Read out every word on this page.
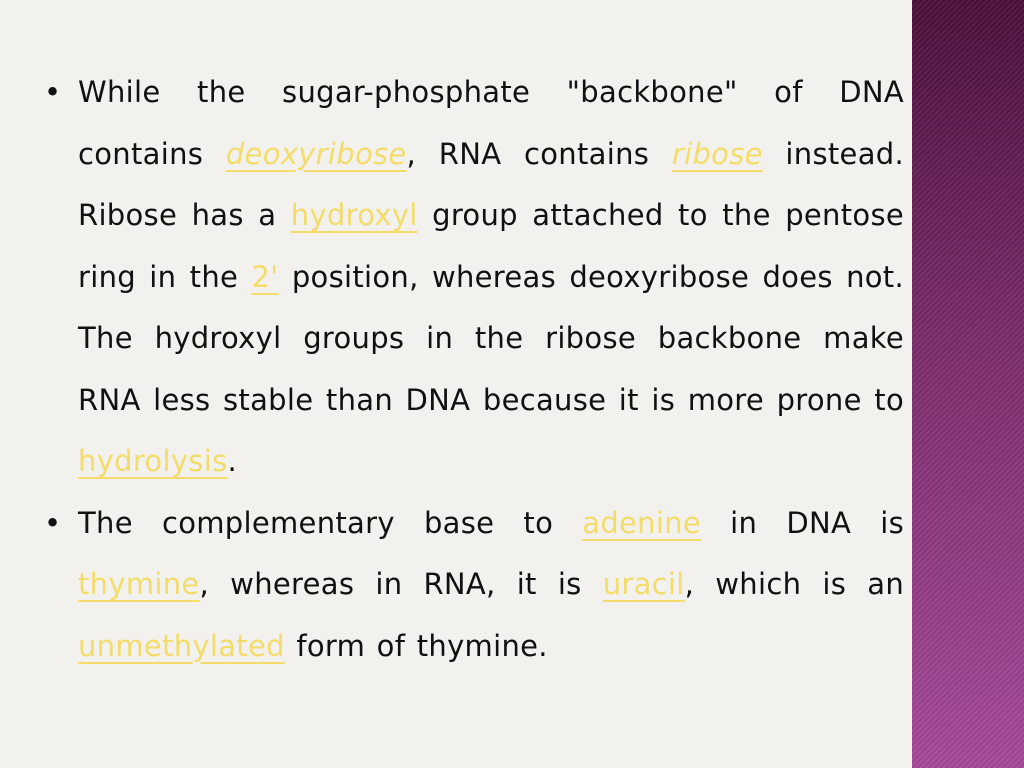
• While the sugar-phosphate "backbone" of DNA contains deoxyribose, RNA contains ribose instead. Ribose has a hydroxyl group attached to the pentose ring in the 2' position, whereas deoxyribose does not. The hydroxyl groups in the ribose backbone make RNA less stable than DNA because it is more prone to hydrolysis.
• The complementary base to adenine in DNA is thymine, whereas in RNA, it is uracil, which is an unmethylated form of thymine.
